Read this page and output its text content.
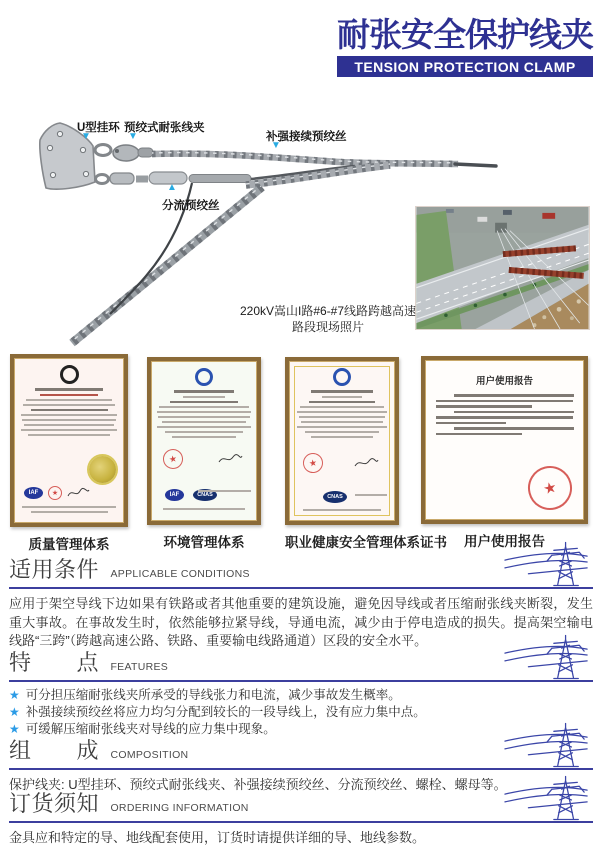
耐张安全保护线夹
TENSION PROTECTION CLAMP
U型挂环
▼
预绞式耐张线夹
▼	补强接续预绞丝
▼
分流预绞丝
▲
220kV嵩山I路#6-#7线路跨越高速
路段现场照片
IAF	★
质量管理体系
★
IAF	CNAS
环境管理体系
★
CNAS
职业健康安全管理体系证书
用户使用报告
★
用户使用报告
适用条件 APPLICABLE CONDITIONS
应用于架空导线下边如果有铁路或者其他重要的建筑设施，避免因导线或者压缩耐张线夹断裂，发生重大事故。在事故发生时，依然能够拉紧导线，导通电流，减少由于停电造成的损失。提高架空输电线路“三跨”（跨越高速公路、铁路、重要输电线路通道）区段的安全水平。
特　　点 FEATURES
★ 可分担压缩耐张线夹所承受的导线张力和电流，减少事故发生概率。
★ 补强接续预绞丝将应力均匀分配到较长的一段导线上，没有应力集中点。
★ 可缓解压缩耐张线夹对导线的应力集中现象。
组　　成 COMPOSITION
保护线夹: U型挂环、预绞式耐张线夹、补强接续预绞丝、分流预绞丝、螺栓、螺母等。
订货须知 ORDERING INFORMATION
金具应和特定的导、地线配套使用，订货时请提供详细的导、地线参数。
